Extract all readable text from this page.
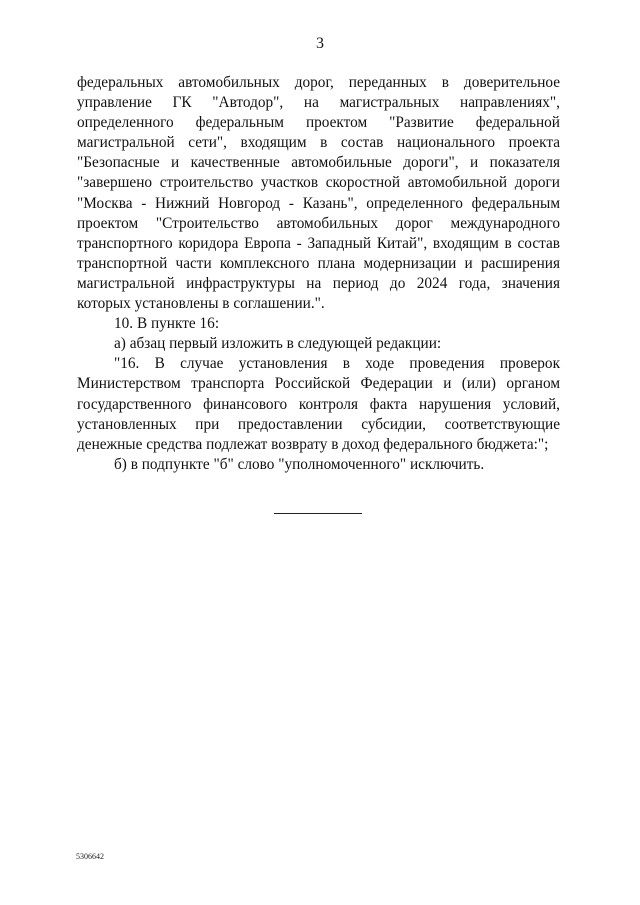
3

федеральных автомобильных дорог, переданных в доверительное управление ГК "Автодор", на магистральных направлениях", определенного федеральным проектом "Развитие федеральной магистральной сети", входящим в состав национального проекта "Безопасные и качественные автомобильные дороги", и показателя "завершено строительство участков скоростной автомобильной дороги "Москва - Нижний Новгород - Казань", определенного федеральным проектом "Строительство автомобильных дорог международного транспортного коридора Европа - Западный Китай", входящим в состав транспортной части комплексного плана модернизации и расширения магистральной инфраструктуры на период до 2024 года, значения которых установлены в соглашении.".

10. В пункте 16:

а) абзац первый изложить в следующей редакции:

"16. В случае установления в ходе проведения проверок Министерством транспорта Российской Федерации и (или) органом государственного финансового контроля факта нарушения условий, установленных при предоставлении субсидии, соответствующие денежные средства подлежат возврату в доход федерального бюджета:";

б) в подпункте "б" слово "уполномоченного" исключить.

5306642
